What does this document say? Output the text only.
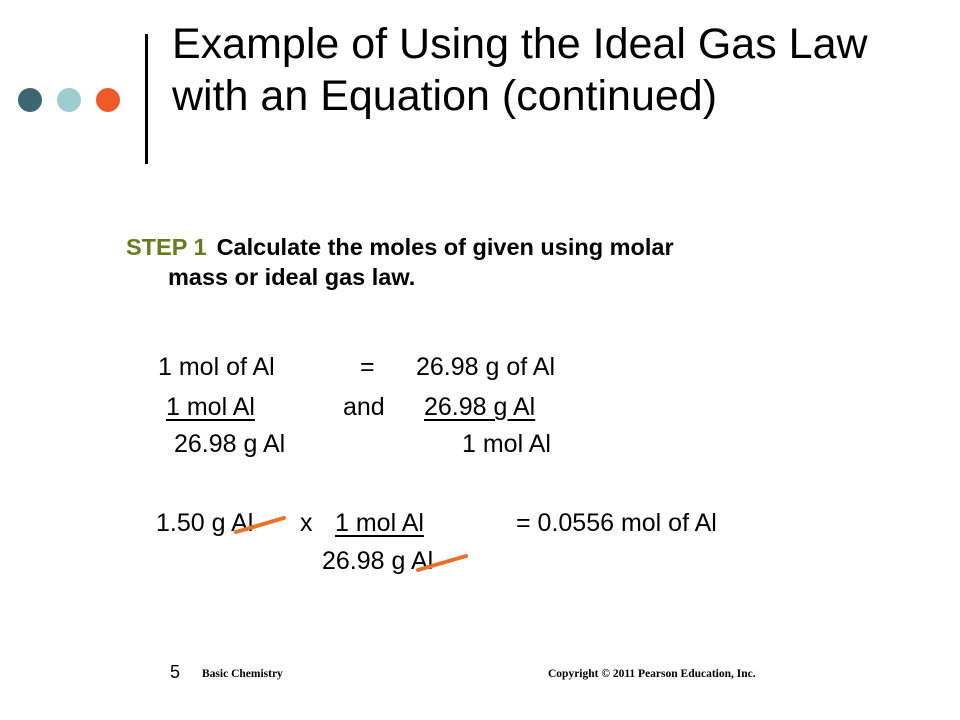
Example of Using the Ideal Gas Law with an Equation (continued)
STEP 1 Calculate the moles of given using molar
mass or ideal gas law.
1 mol of Al	= 26.98 g of Al
1 mol Al	and 26.98 g Al
26.98 g Al	1 mol Al
1.50 g Al x 1 mol Al	= 0.0556 mol of Al
26.98 g Al
5 Basic Chemistry	Copyright © 2011 Pearson Education, Inc.
